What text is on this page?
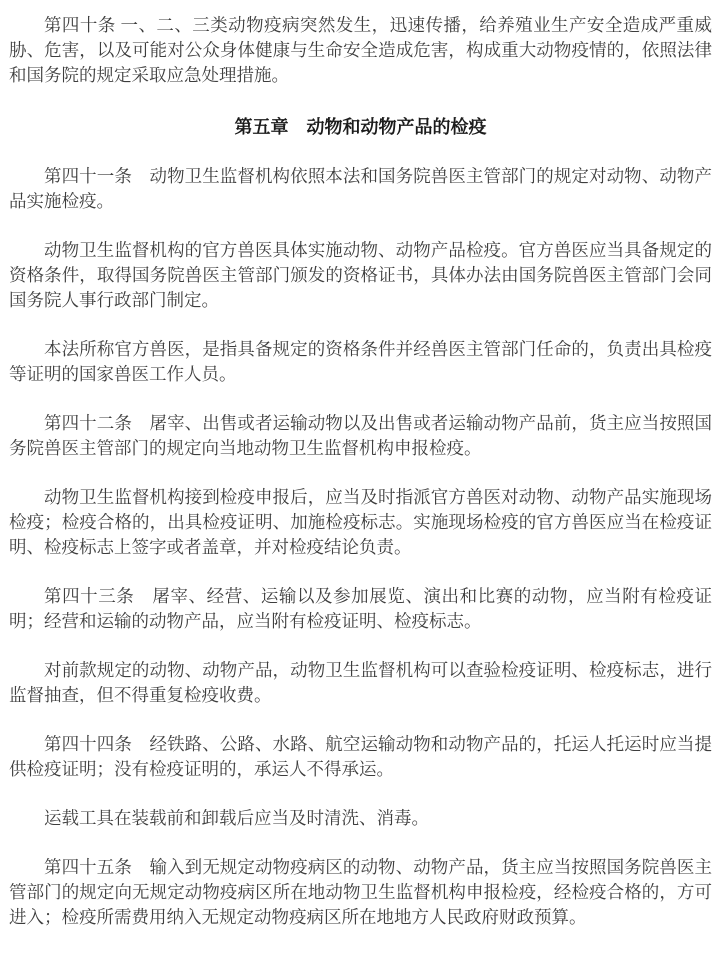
第四十条 一、二、三类动物疫病突然发生，迅速传播，给养殖业生产安全造成严重威胁、危害，以及可能对公众身体健康与生命安全造成危害，构成重大动物疫情的，依照法律和国务院的规定采取应急处理措施。

第五章　动物和动物产品的检疫

第四十一条　动物卫生监督机构依照本法和国务院兽医主管部门的规定对动物、动物产品实施检疫。

动物卫生监督机构的官方兽医具体实施动物、动物产品检疫。官方兽医应当具备规定的资格条件，取得国务院兽医主管部门颁发的资格证书，具体办法由国务院兽医主管部门会同国务院人事行政部门制定。

本法所称官方兽医，是指具备规定的资格条件并经兽医主管部门任命的，负责出具检疫等证明的国家兽医工作人员。

第四十二条　屠宰、出售或者运输动物以及出售或者运输动物产品前，货主应当按照国务院兽医主管部门的规定向当地动物卫生监督机构申报检疫。

动物卫生监督机构接到检疫申报后，应当及时指派官方兽医对动物、动物产品实施现场检疫；检疫合格的，出具检疫证明、加施检疫标志。实施现场检疫的官方兽医应当在检疫证明、检疫标志上签字或者盖章，并对检疫结论负责。

第四十三条　屠宰、经营、运输以及参加展览、演出和比赛的动物，应当附有检疫证明；经营和运输的动物产品，应当附有检疫证明、检疫标志。

对前款规定的动物、动物产品，动物卫生监督机构可以查验检疫证明、检疫标志，进行监督抽查，但不得重复检疫收费。

第四十四条　经铁路、公路、水路、航空运输动物和动物产品的，托运人托运时应当提供检疫证明；没有检疫证明的，承运人不得承运。

运载工具在装载前和卸载后应当及时清洗、消毒。

第四十五条　输入到无规定动物疫病区的动物、动物产品，货主应当按照国务院兽医主管部门的规定向无规定动物疫病区所在地动物卫生监督机构申报检疫，经检疫合格的，方可进入；检疫所需费用纳入无规定动物疫病区所在地地方人民政府财政预算。
